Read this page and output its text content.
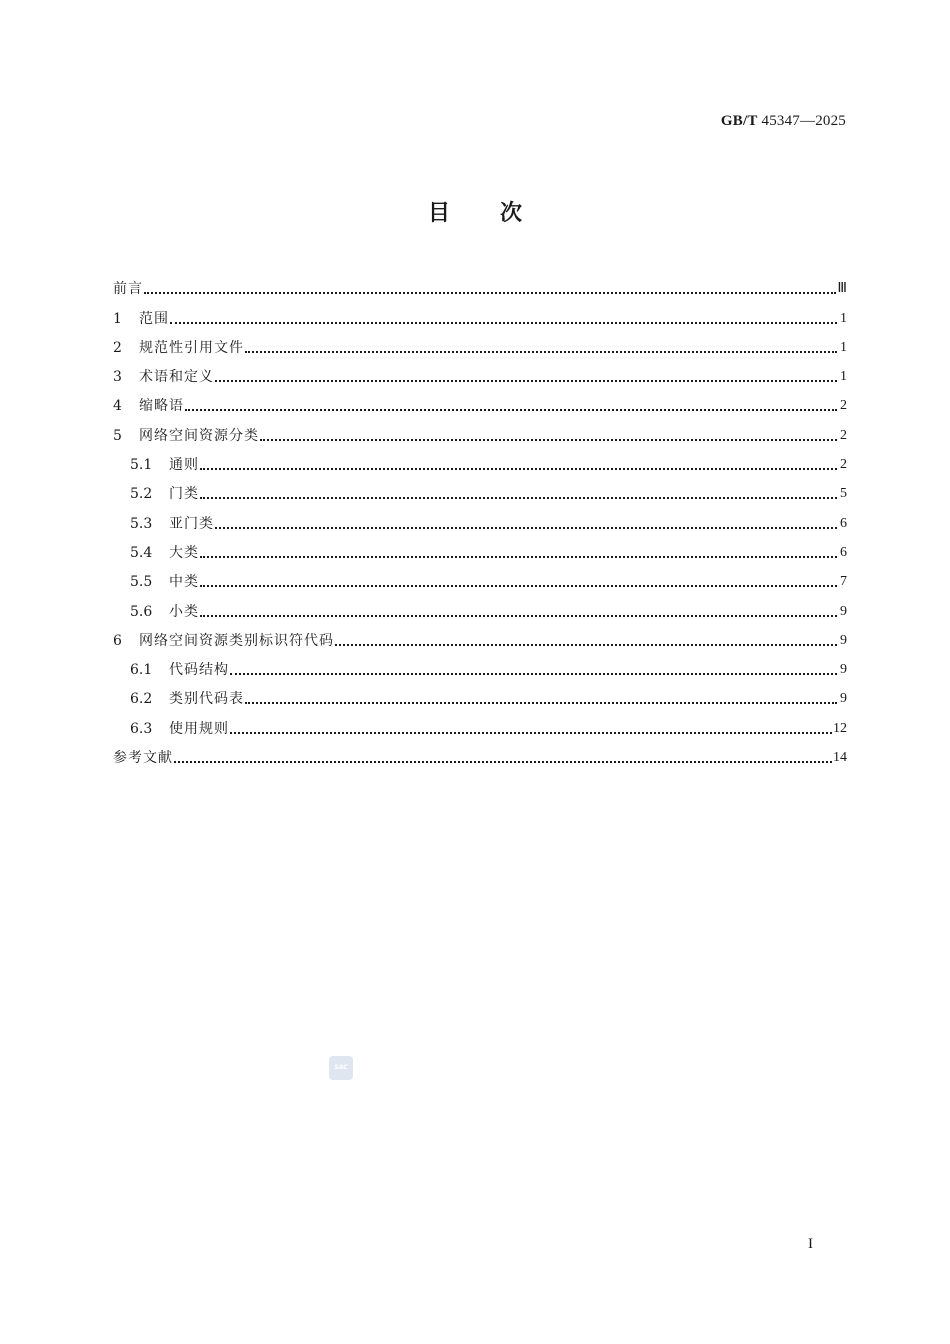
GB/T 45347—2025
目 次
前言	Ⅲ
1	范围	1
2	规范性引用文件	1
3	术语和定义	1
4	缩略语	2
5	网络空间资源分类	2
5.1	通则	2
5.2	门类	5
5.3	亚门类	6
5.4	大类	6
5.5	中类	7
5.6	小类	9
6	网络空间资源类别标识符代码	9
6.1	代码结构	9
6.2	类别代码表	9
6.3	使用规则	12
参考文献	14
SAC
I
